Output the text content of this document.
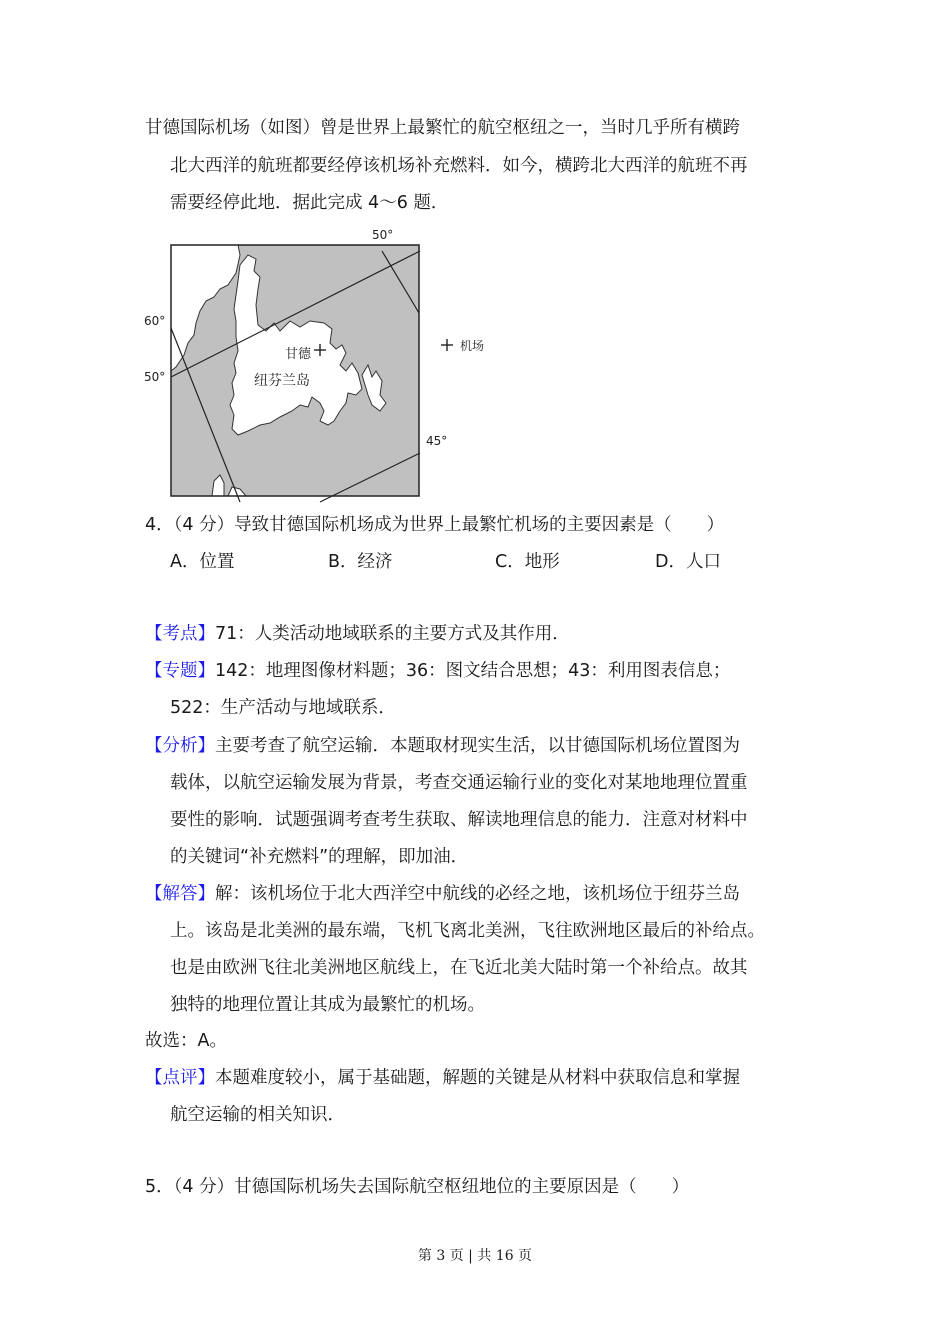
甘德国际机场（如图）曾是世界上最繁忙的航空枢纽之一，当时几乎所有横跨
北大西洋的航班都要经停该机场补充燃料．如今，横跨北大西洋的航班不再
需要经停此地．据此完成 4～6 题．
50°
60°
50°
45°
甘德
纽芬兰岛
机场
4．（4 分）导致甘德国际机场成为世界上最繁忙机场的主要因素是（　　）
A．位置	B．经济	C．地形	D．人口
【考点】71：人类活动地域联系的主要方式及其作用．
【专题】142：地理图像材料题；36：图文结合思想；43：利用图表信息；
522：生产活动与地域联系．
【分析】主要考查了航空运输．本题取材现实生活，以甘德国际机场位置图为
载体，以航空运输发展为背景，考查交通运输行业的变化对某地地理位置重
要性的影响．试题强调考查考生获取、解读地理信息的能力．注意对材料中
的关键词“补充燃料”的理解，即加油．
【解答】解：该机场位于北大西洋空中航线的必经之地，该机场位于纽芬兰岛
上。该岛是北美洲的最东端，飞机飞离北美洲，飞往欧洲地区最后的补给点。
也是由欧洲飞往北美洲地区航线上，在飞近北美大陆时第一个补给点。故其
独特的地理位置让其成为最繁忙的机场。
故选：A。
【点评】本题难度较小，属于基础题，解题的关键是从材料中获取信息和掌握
航空运输的相关知识．
5．（4 分）甘德国际机场失去国际航空枢纽地位的主要原因是（　　）
第 3 页 | 共 16 页
